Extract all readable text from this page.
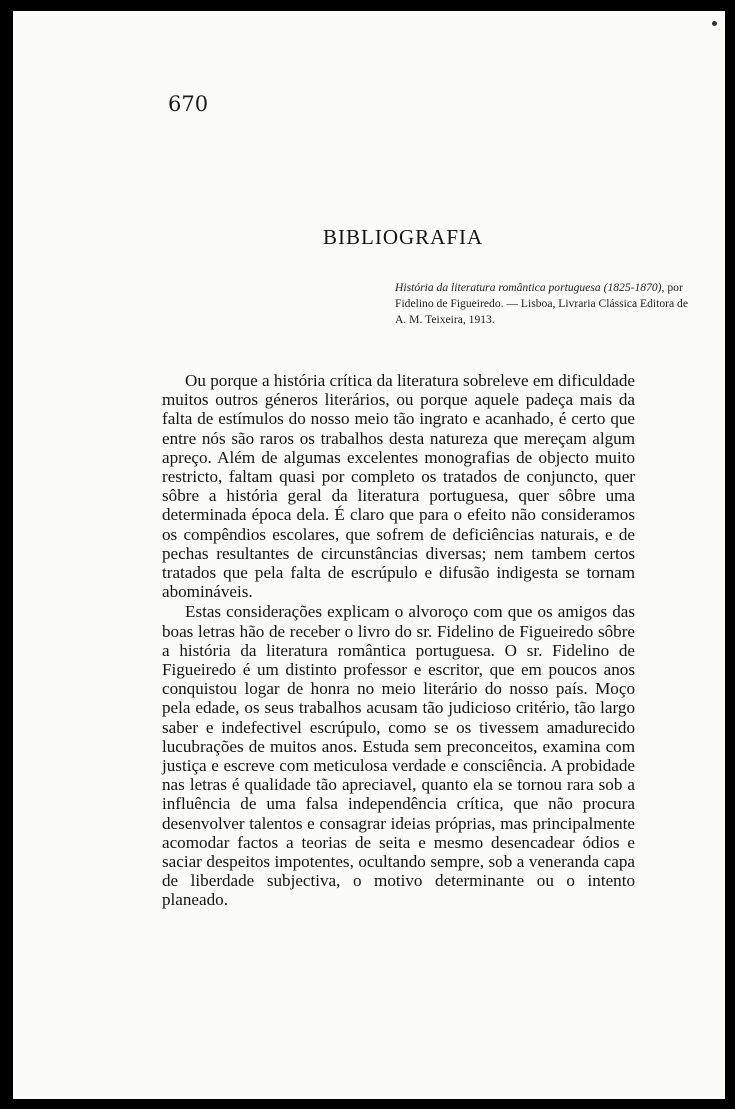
670
BIBLIOGRAFIA
História da literatura romântica portuguesa (1825-1870), por Fidelino de Figueiredo. — Lisboa, Livraria Clássica Editora de A. M. Teixeira, 1913.

Ou porque a história crítica da literatura sobreleve em dificuldade muitos outros géneros literários, ou porque aquele padeça mais da falta de estímulos do nosso meio tão ingrato e acanhado, é certo que entre nós são raros os trabalhos desta natureza que mereçam algum apreço. Além de algumas excelentes monografias de objecto muito restricto, faltam quasi por completo os tratados de conjuncto, quer sôbre a história geral da literatura portuguesa, quer sôbre uma determinada época dela. É claro que para o efeito não consideramos os compêndios escolares, que sofrem de deficiências naturais, e de pechas resultantes de circunstâncias diversas; nem tambem certos tratados que pela falta de escrúpulo e difusão indigesta se tornam abomináveis.

Estas considerações explicam o alvoroço com que os amigos das boas letras hão de receber o livro do sr. Fidelino de Figueiredo sôbre a história da literatura romântica portuguesa. O sr. Fidelino de Figueiredo é um distinto professor e escritor, que em poucos anos conquistou logar de honra no meio literário do nosso país. Moço pela edade, os seus trabalhos acusam tão judicioso critério, tão largo saber e indefectivel escrúpulo, como se os tivessem amadurecido lucubrações de muitos anos. Estuda sem preconceitos, examina com justiça e escreve com meticulosa verdade e consciência. A probidade nas letras é qualidade tão apreciavel, quanto ela se tornou rara sob a influência de uma falsa independência crítica, que não procura desenvolver talentos e consagrar ideias próprias, mas principalmente acomodar factos a teorias de seita e mesmo desencadear ódios e saciar despeitos impotentes, ocultando sempre, sob a veneranda capa de liberdade subjectiva, o motivo determinante ou o intento planeado.
